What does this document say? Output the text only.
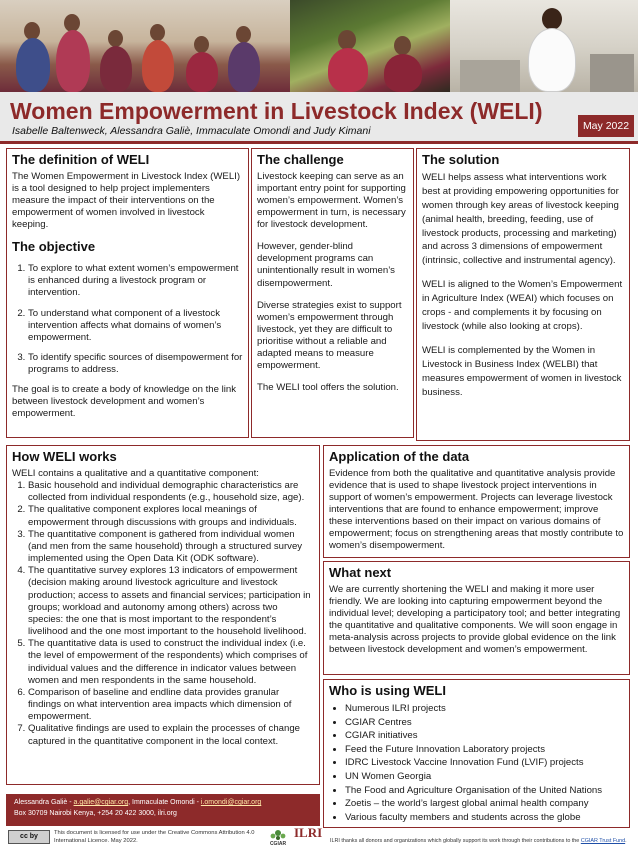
Women Empowerment in Livestock Index (WELI)
Isabelle Baltenweck, Alessandra Galiè, Immaculate Omondi and Judy Kimani	May 2022
The definition of WELI

The Women Empowerment in Livestock Index (WELI) is a tool designed to help project implementers measure the impact of their interventions on the empowerment of women involved in livestock keeping.

The objective
1. To explore to what extent women’s empowerment is enhanced during a livestock program or intervention.
2. To understand what component of a livestock intervention affects what domains of women’s empowerment.
3. To identify specific sources of disempowerment for programs to address.

The goal is to create a body of knowledge on the link between livestock development and women’s empowerment.

The challenge

Livestock keeping can serve as an important entry point for supporting women’s empowerment. Women’s empowerment in turn, is necessary for livestock development.

However, gender-blind development programs can unintentionally result in women’s disempowerment.

Diverse strategies exist to support women’s empowerment through livestock, yet they are difficult to prioritise without a reliable and adapted means to measure empowerment.

The WELI tool offers the solution.

The solution

WELI helps assess what interventions work best at providing empowering opportunities for women through key areas of livestock keeping (animal health, breeding, feeding, use of livestock products, processing and marketing) and across 3 dimensions of empowerment (intrinsic, collective and instrumental agency).

WELI is aligned to the Women’s Empowerment in Agriculture Index (WEAI) which focuses on crops - and complements it by focusing on livestock (while also looking at crops).

WELI is complemented by the Women in Livestock in Business Index (WELBI) that measures empowerment of women in livestock business.

How WELI works

WELI contains a qualitative and a quantitative component:

1. Basic household and individual demographic characteristics are collected from individual respondents (e.g., household size, age).
2. The qualitative component explores local meanings of empowerment through discussions with groups and individuals.
3. The quantitative component is gathered from individual women (and men from the same household) through a structured survey implemented using the Open Data Kit (ODK software).
4. The quantitative survey explores 13 indicators of empowerment (decision making around livestock agriculture and livestock production; access to assets and financial services; participation in groups; workload and autonomy among others) across two species: the one that is most important to the respondent’s livelihood and the one most important to the household livelihood.
5. The quantitative data is used to construct the individual index (i.e. the level of empowerment of the respondents) which comprises of individual values and the difference in indicator values between women and men respondents in the same household.
6. Comparison of baseline and endline data provides granular findings on what intervention area impacts which dimension of empowerment.
7. Qualitative findings are used to explain the processes of change captured in the quantitative component in the local context.
Application of the data

Evidence from both the qualitative and quantitative analysis provide evidence that is used to shape livestock project interventions in support of women’s empowerment. Projects can leverage livestock interventions that are found to enhance empowerment; improve these interventions based on their impact on various domains of empowerment; focus on strengthening areas that mostly contribute to women’s disempowerment.

What next

We are currently shortening the WELI and making it more user friendly. We are looking into capturing empowerment beyond the individual level; developing a participatory tool; and better integrating the quantitative and qualitative components. We will soon engage in meta-analysis across projects to provide global evidence on the link between livestock development and women’s empowerment.

Who is using WELI
• Numerous ILRI projects
• CGIAR Centres
• CGIAR initiatives
• Feed the Future Innovation Laboratory projects
• IDRC Livestock Vaccine Innovation Fund (LVIF) projects
• UN Women Georgia
• The Food and Agriculture Organisation of the United Nations
• Zoetis – the world’s largest global animal health company
• Various faculty members and students across the globe
Alessandra Galiè - a.galie@cgiar.org, Immaculate Omondi - i.omondi@cgiar.org
Box 30709 Nairobi Kenya, +254 20 422 3000, ilri.org
cc by	This document is licensed for use under the Creative Commons Attribution 4.0 International Licence. May 2022.	CGIAR
ILRI
ILRI thanks all donors and organizations which globally support its work through their contributions to the CGIAR Trust Fund.
